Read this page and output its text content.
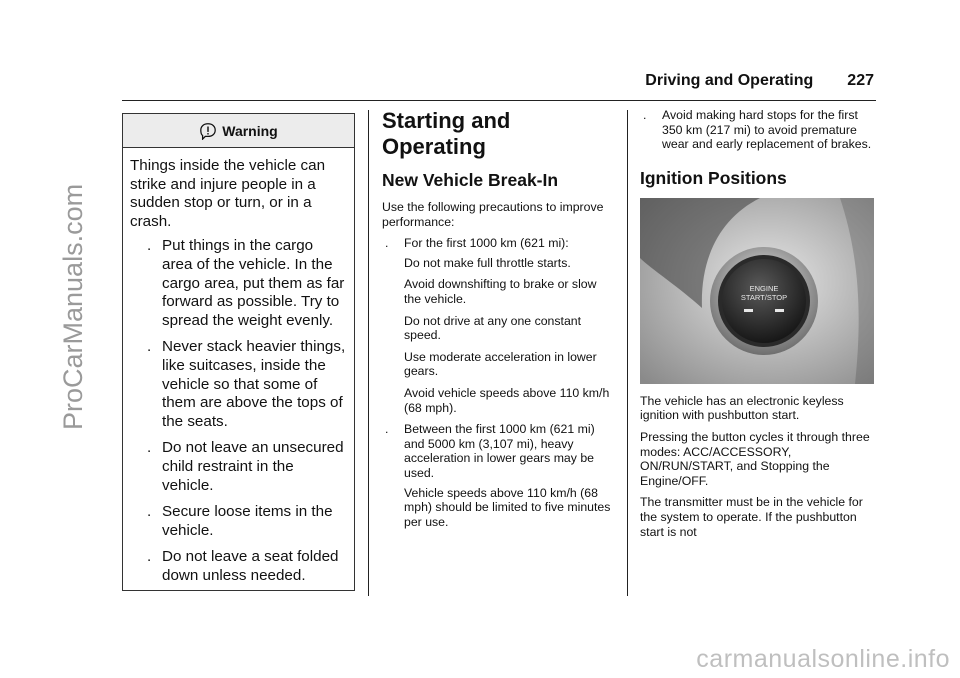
ProCarManuals.com
Driving and Operating 227
Warning

Things inside the vehicle can strike and injure people in a sudden stop or turn, or in a crash.

. Put things in the cargo area of the vehicle. In the cargo area, put them as far forward as possible. Try to spread the weight evenly.
. Never stack heavier things, like suitcases, inside the vehicle so that some of them are above the tops of the seats.
. Do not leave an unsecured child restraint in the vehicle.
. Secure loose items in the vehicle.
. Do not leave a seat folded down unless needed.
Starting and Operating
New Vehicle Break-In

Use the following precautions to improve performance:

. For the first 1000 km (621 mi):

Do not make full throttle starts.

Avoid downshifting to brake or slow the vehicle.

Do not drive at any one constant speed.

Use moderate acceleration in lower gears.

Avoid vehicle speeds above 110 km/h (68 mph).

. Between the first 1000 km (621 mi) and 5000 km (3,107 mi), heavy acceleration in lower gears may be used.

Vehicle speeds above 110 km/h (68 mph) should be limited to five minutes per use.

. Avoid making hard stops for the first 350 km (217 mi) to avoid premature wear and early replacement of brakes.
Ignition Positions
ENGINE
START/STOP

The vehicle has an electronic keyless ignition with pushbutton start.

Pressing the button cycles it through three modes: ACC/ACCESSORY, ON/RUN/START, and Stopping the Engine/OFF.

The transmitter must be in the vehicle for the system to operate. If the pushbutton start is not

carmanualsonline.info
